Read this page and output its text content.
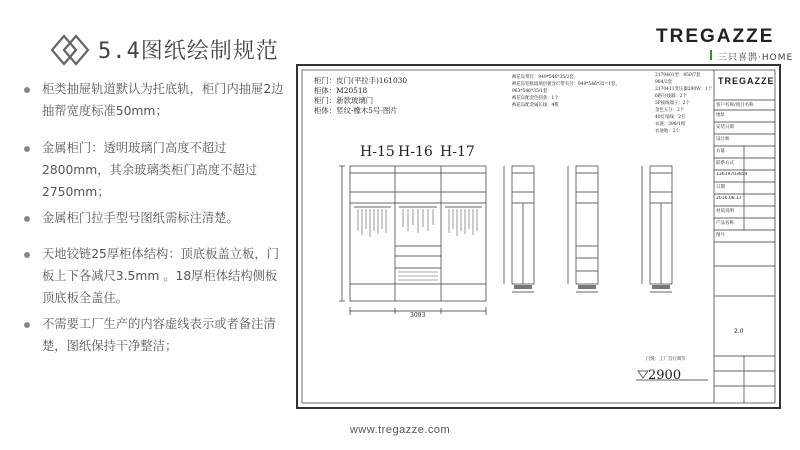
5.4图纸绘制规范
TREGAZZE
三只喜鹊·HOME
柜类抽屉轨道默认为托底轨，柜门内抽屉2边抽帮宽度标准50mm；
金属柜门：透明玻璃门高度不超过2800mm，其余玻璃类柜门高度不超过2750mm；
金属柜门拉手型号图纸需标注清楚。
天地铰链25厚柜体结构：顶底板盖立板，门板上下各减尺3.5mm 。18厚柜体结构侧板顶底板全盖住。
不需要工厂生产的内容虚线表示或者备注清楚，图纸保持干净整洁；
柜门：皮门(平拉手)161030
柜体：M20518
柜门：新款玻璃门
柜体：竖纹-橡木5号-图片
裤花岛带灯：949*546*35/2套，
裤花岛铝框玻璃层板含灯带夹付：949*546*35=1套，
963*546*35/1套
裤花岛配金色圆条：1个
裤花岛配金属长线：4根
2170401型：950/7套
964/2套
2170411变压器200W：1个
6路分线器：2个
5P拔线端子：2个
金色五分：2个
40灯尾线：2打
衣通：390/1根
衣通地：2个
H-15 H-16 H-17
3093
2900
门缝：工厂自行调节
TREGAZZE
客户名称/项目名称
地址
安装日期
设计师
方量
联系方式
13619703854
日期
2016.08.17
材质说明
产品名称
图号
2.0
www.tregazze.com
